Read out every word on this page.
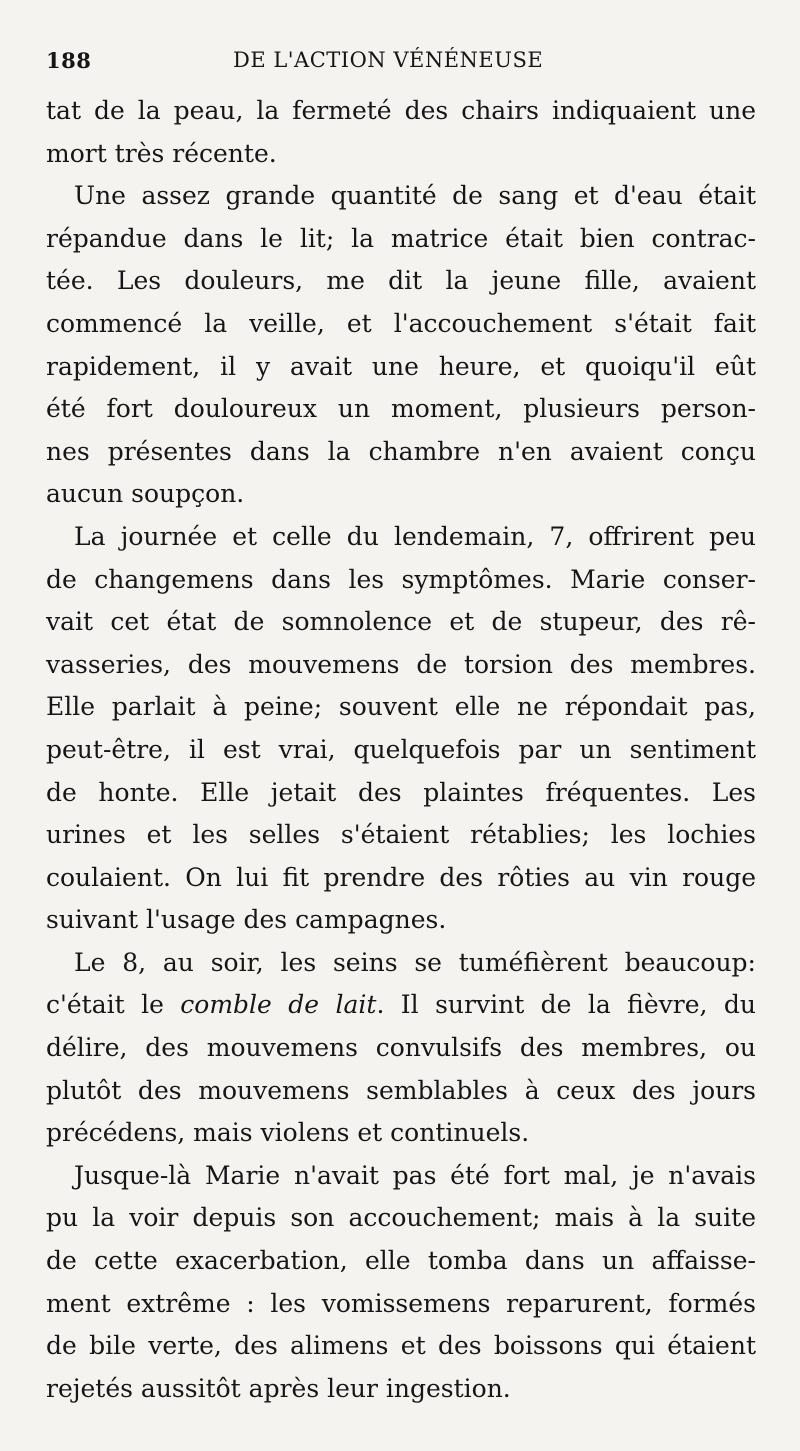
188	DE L'ACTION VÉNÉNEUSE
tat de la peau, la fermeté des chairs indiquaient une
mort très récente.
Une assez grande quantité de sang et d'eau était
répandue dans le lit; la matrice était bien contrac-
tée. Les douleurs, me dit la jeune fille, avaient
commencé la veille, et l'accouchement s'était fait
rapidement, il y avait une heure, et quoiqu'il eût
été fort douloureux un moment, plusieurs person-
nes présentes dans la chambre n'en avaient conçu
aucun soupçon.
La journée et celle du lendemain, 7, offrirent peu
de changemens dans les symptômes. Marie conser-
vait cet état de somnolence et de stupeur, des rê-
vasseries, des mouvemens de torsion des membres.
Elle parlait à peine; souvent elle ne répondait pas,
peut-être, il est vrai, quelquefois par un sentiment
de honte. Elle jetait des plaintes fréquentes. Les
urines et les selles s'étaient rétablies; les lochies
coulaient. On lui fit prendre des rôties au vin rouge
suivant l'usage des campagnes.
Le 8, au soir, les seins se tuméfièrent beaucoup:
c'était le comble de lait. Il survint de la fièvre, du
délire, des mouvemens convulsifs des membres, ou
plutôt des mouvemens semblables à ceux des jours
précédens, mais violens et continuels.
Jusque-là Marie n'avait pas été fort mal, je n'avais
pu la voir depuis son accouchement; mais à la suite
de cette exacerbation, elle tomba dans un affaisse-
ment extrême : les vomissemens reparurent, formés
de bile verte, des alimens et des boissons qui étaient
rejetés aussitôt après leur ingestion.
